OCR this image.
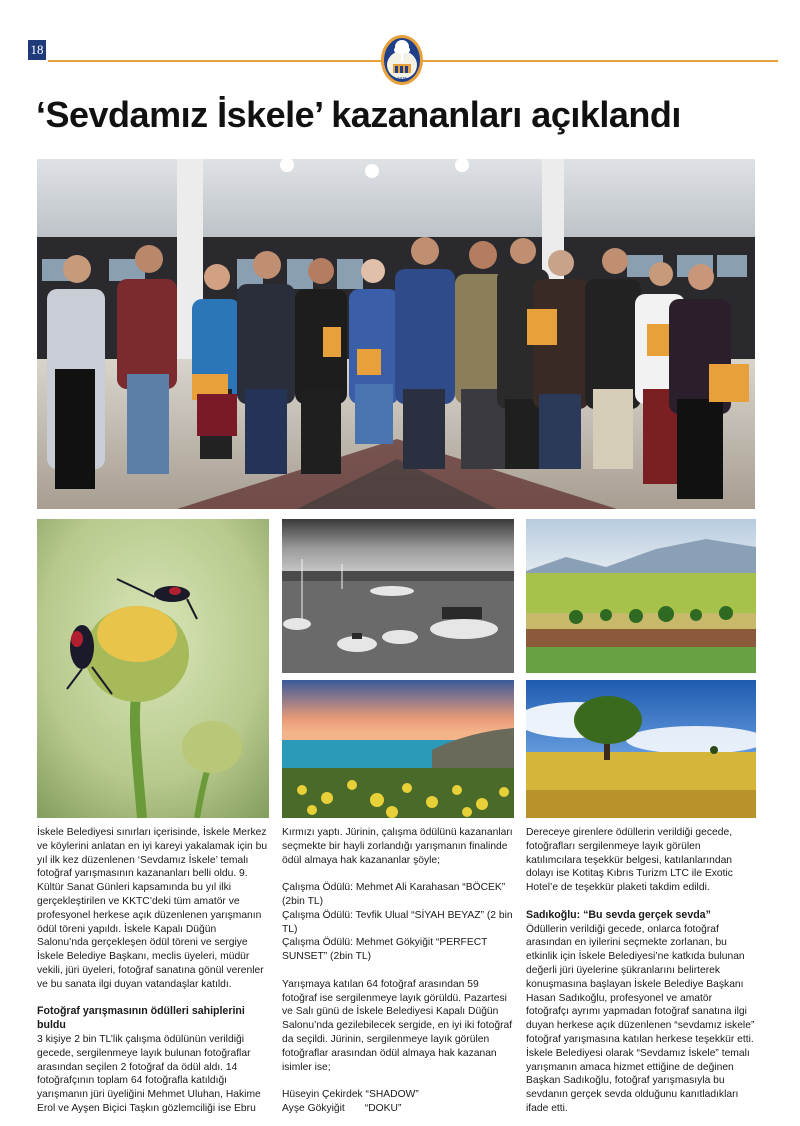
18
1935
‘Sevdamız İskele’ kazananları açıklandı

İskele Belediyesi sınırları içerisinde, İskele Merkez ve köylerini anlatan en iyi kareyi yakalamak için bu yıl ilk kez düzenlenen ‘Sevdamız İskele’ temalı fotoğraf yarışmasının kazananları belli oldu. 9. Kültür Sanat Günleri kapsamında bu yıl ilki gerçekleştirilen ve KKTC’deki tüm amatör ve profesyonel herkese açık düzenlenen yarışmanın ödül töreni yapıldı. İskele Kapalı Düğün Salonu’nda gerçekleşen ödül töreni ve sergiye İskele Belediye Başkanı, meclis üyeleri, müdür vekili, jüri üyeleri, fotoğraf sanatına gönül verenler ve bu sanata ilgi duyan vatandaşlar katıldı.

Fotoğraf yarışmasının ödülleri sahiplerini buldu

3 kişiye 2 bin TL’lik çalışma ödülünün verildiği gecede, sergilenmeye layık bulunan fotoğraflar arasından seçilen 2 fotoğraf da ödül aldı. 14 fotoğrafçının toplam 64 fotoğrafla katıldığı yarışmanın jüri üyeliğini Mehmet Uluhan, Hakime Erol ve Ayşen Biçici Taşkın gözlemciliği ise Ebru

Kırmızı yaptı. Jürinin, çalışma ödülünü kazananları seçmekte bir hayli zorlandığı yarışmanın finalinde ödül almaya hak kazananlar şöyle;

Çalışma Ödülü: Mehmet Ali Karahasan “BÖCEK” (2bin TL)

Çalışma Ödülü: Tevfik Ulual “SİYAH BEYAZ” (2 bin TL)

Çalışma Ödülü: Mehmet Gökyiğit “PERFECT SUNSET” (2bin TL)

Yarışmaya katılan 64 fotoğraf arasından 59 fotoğraf ise sergilenmeye layık görüldü. Pazartesi ve Salı günü de İskele Belediyesi Kapalı Düğün Salonu’nda gezilebilecek sergide, en iyi iki fotoğraf da seçildi. Jürinin, sergilenmeye layık görülen fotoğraflar arasından ödül almaya hak kazanan isimler ise;

Hüseyin Çekirdek “SHADOW”

Ayşe Gökyiğit       “DOKU”

Dereceye girenlere ödüllerin verildiği gecede, fotoğrafları sergilenmeye layık görülen katılımcılara teşekkür belgesi, katılanlarından dolayı ise Kotitaş Kıbrıs Turizm LTC ile Exotic Hotel’e de teşekkür plaketi takdim edildi.

Sadıkoğlu: “Bu sevda gerçek sevda”

Ödüllerin verildiği gecede, onlarca fotoğraf arasından en iyilerini seçmekte zorlanan, bu etkinlik için İskele Belediyesi’ne katkıda bulunan değerli jüri üyelerine şükranlarını belirterek konuşmasına başlayan İskele Belediye Başkanı Hasan Sadıkoğlu, profesyonel ve amatör fotoğrafçı ayrımı yapmadan fotoğraf sanatına ilgi duyan herkese açık düzenlenen “sevdamız iskele” fotoğraf yarışmasına katılan herkese teşekkür etti. İskele Belediyesi olarak “Sevdamız İskele” temalı yarışmanın amaca hizmet ettiğine de değinen Başkan Sadıkoğlu, fotoğraf yarışmasıyla bu sevdanın gerçek sevda olduğunu kanıtladıkları ifade etti.
